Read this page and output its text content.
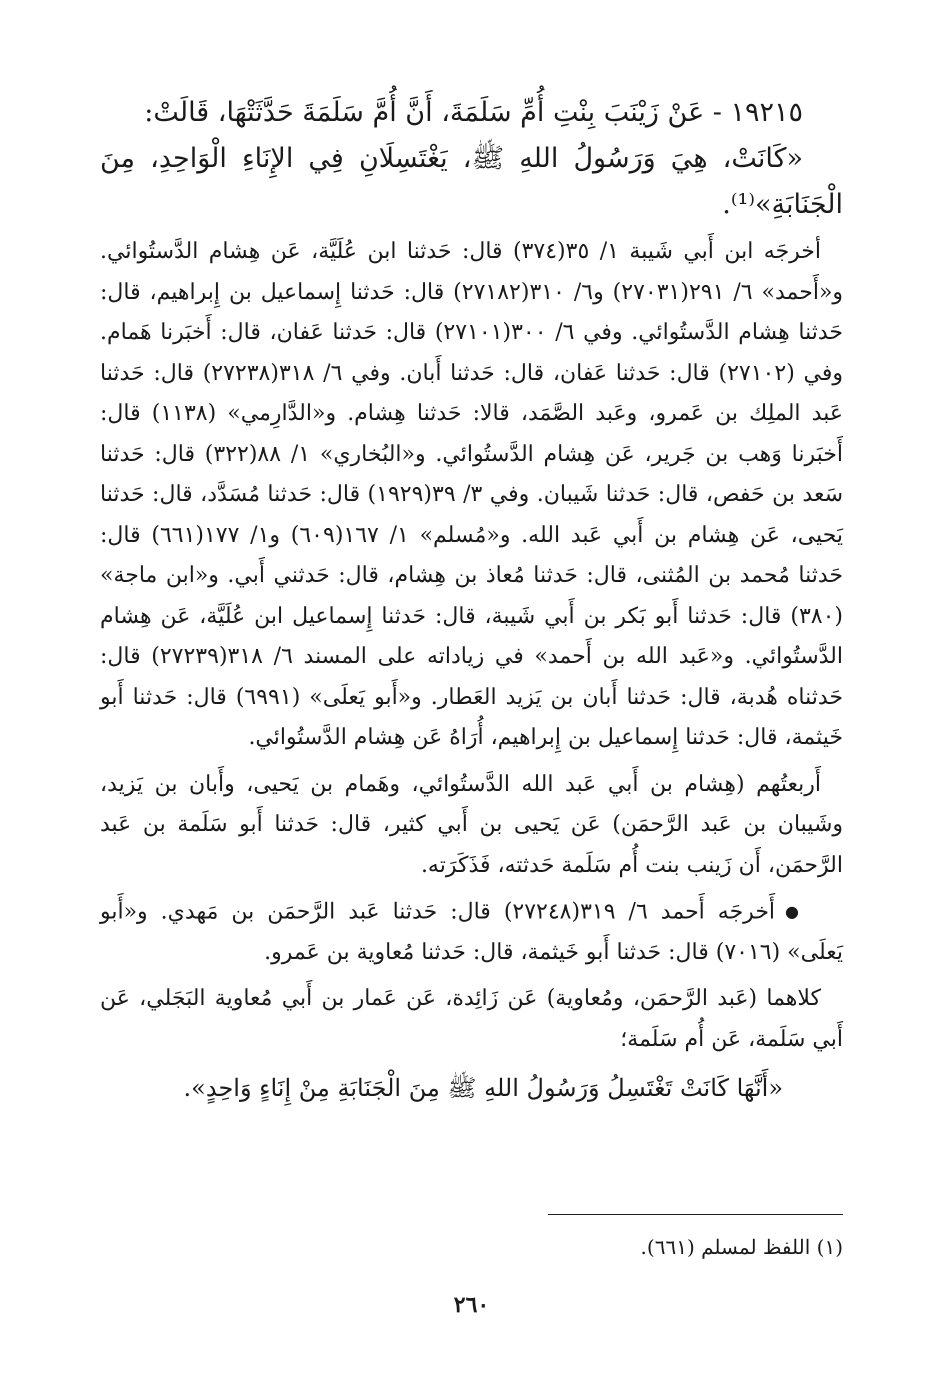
١٩٢١٥ - عَنْ زَيْنَبَ بِنْتِ أُمِّ سَلَمَةَ، أَنَّ أُمَّ سَلَمَةَ حَدَّثَتْهَا، قَالَتْ:

«كَانَتْ، هِيَ وَرَسُولُ اللهِ ﷺ، يَغْتَسِلَانِ فِي الإِنَاءِ الْوَاحِدِ، مِنَ الْجَنَابَةِ»⁽¹⁾.

أخرجَه ابن أَبي شَيبة ١/ ٣٥(٣٧٤) قال: حَدثنا ابن عُلَيَّة، عَن هِشام الدَّستُوائي. و«أَحمد» ٦/ ٢٩١(٢٧٠٣١) و٦/ ٣١٠(٢٧١٨٢) قال: حَدثنا إِسماعيل بن إِبراهيم، قال: حَدثنا هِشام الدَّستُوائي. وفي ٦/ ٣٠٠(٢٧١٠١) قال: حَدثنا عَفان، قال: أَخبَرنا هَمام. وفي (٢٧١٠٢) قال: حَدثنا عَفان، قال: حَدثنا أَبان. وفي ٦/ ٣١٨(٢٧٢٣٨) قال: حَدثنا عَبد الملِك بن عَمرو، وعَبد الصَّمَد، قالا: حَدثنا هِشام. و«الدَّارِمي» (١١٣٨) قال: أَخبَرنا وَهب بن جَرير، عَن هِشام الدَّستُوائي. و«البُخاري» ١/ ٨٨(٣٢٢) قال: حَدثنا سَعد بن حَفص، قال: حَدثنا شَيبان. وفي ٣/ ٣٩(١٩٢٩) قال: حَدثنا مُسَدَّد، قال: حَدثنا يَحيى، عَن هِشام بن أَبي عَبد الله. و«مُسلم» ١/ ١٦٧(٦٠٩) و١/ ١٧٧(٦٦١) قال: حَدثنا مُحمد بن المُثنى، قال: حَدثنا مُعاذ بن هِشام، قال: حَدثني أَبي. و«ابن ماجة» (٣٨٠) قال: حَدثنا أَبو بَكر بن أَبي شَيبة، قال: حَدثنا إِسماعيل ابن عُلَيَّة، عَن هِشام الدَّستُوائي. و«عَبد الله بن أَحمد» في زياداته على المسند ٦/ ٣١٨(٢٧٢٣٩) قال: حَدثناه هُدبة، قال: حَدثنا أَبان بن يَزيد العَطار. و«أَبو يَعلَى» (٦٩٩١) قال: حَدثنا أَبو خَيثمة، قال: حَدثنا إِسماعيل بن إِبراهيم، أُرَاهُ عَن هِشام الدَّستُوائي.

أَربعتُهم (هِشام بن أَبي عَبد الله الدَّستُوائي، وهَمام بن يَحيى، وأَبان بن يَزيد، وشَيبان بن عَبد الرَّحمَن) عَن يَحيى بن أَبي كثير، قال: حَدثنا أَبو سَلَمة بن عَبد الرَّحمَن، أَن زَينب بنت أُم سَلَمة حَدثته، فَذَكَرَته.

●أَخرجَه أَحمد ٦/ ٣١٩(٢٧٢٤٨) قال: حَدثنا عَبد الرَّحمَن بن مَهدي. و«أَبو يَعلَى» (٧٠١٦) قال: حَدثنا أَبو خَيثمة، قال: حَدثنا مُعاوية بن عَمرو.

كلاهما (عَبد الرَّحمَن، ومُعاوية) عَن زَائِدة، عَن عَمار بن أَبي مُعاوية البَجَلي، عَن أَبي سَلَمة، عَن أُم سَلَمة؛

«أَنَّهَا كَانَتْ تَغْتَسِلُ وَرَسُولُ اللهِ ﷺ مِنَ الْجَنَابَةِ مِنْ إِنَاءٍ وَاحِدٍ».

(١) اللفظ لمسلم (٦٦١).

٢٦٠
